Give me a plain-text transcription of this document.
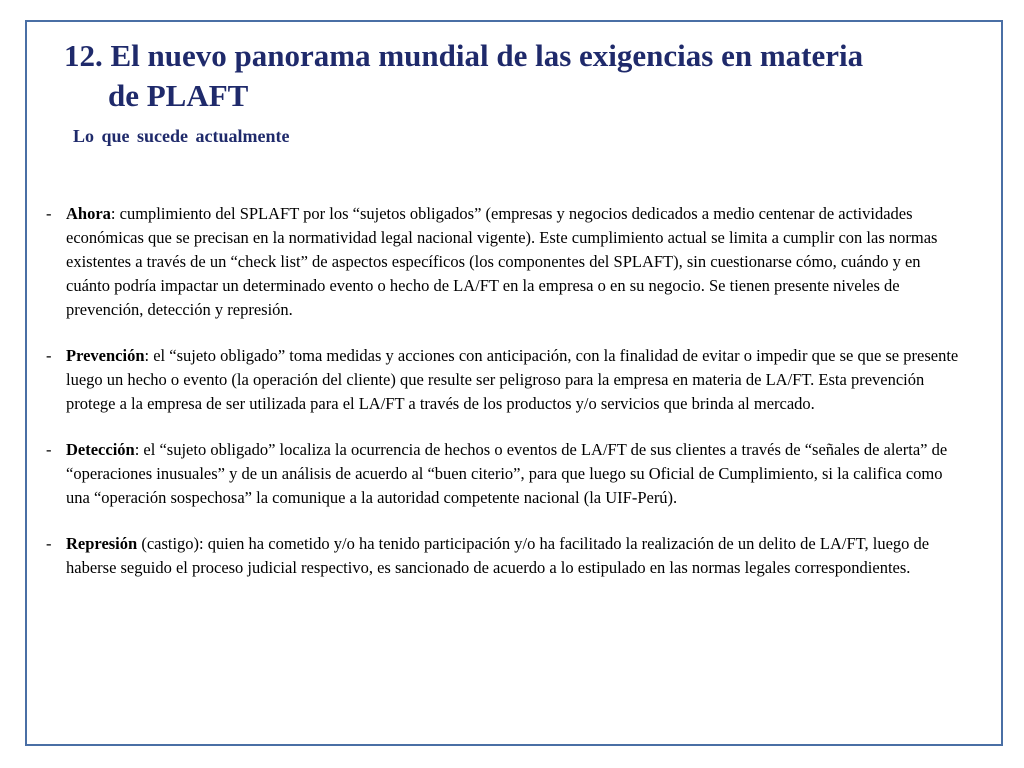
12. El nuevo panorama mundial de las exigencias en materia
de PLAFT
Lo que sucede actualmente
- Ahora: cumplimiento del SPLAFT por los “sujetos obligados” (empresas y negocios dedicados a medio centenar de actividades económicas que se precisan en la normatividad legal nacional vigente). Este cumplimiento actual se limita a cumplir con las normas existentes a través de un “check list” de aspectos específicos (los componentes del SPLAFT), sin cuestionarse cómo, cuándo y en cuánto podría impactar un determinado evento o hecho de LA/FT en la empresa o en su negocio. Se tienen presente niveles de prevención, detección y represión.
- Prevención: el “sujeto obligado” toma medidas y acciones con anticipación, con la finalidad de evitar o impedir que se que se presente luego un hecho o evento (la operación del cliente) que resulte ser peligroso para la empresa en materia de LA/FT. Esta prevención protege a la empresa de ser utilizada para el LA/FT a través de los productos y/o servicios que brinda al mercado.
- Detección: el “sujeto obligado” localiza la ocurrencia de hechos o eventos de LA/FT de sus clientes a través de “señales de alerta” de “operaciones inusuales” y de un análisis de acuerdo al “buen citerio”, para que luego su Oficial de Cumplimiento, si la califica como una “operación sospechosa” la comunique a la autoridad competente nacional (la UIF-Perú).
- Represión (castigo): quien ha cometido y/o ha tenido participación y/o ha facilitado la realización de un delito de LA/FT, luego de haberse seguido el proceso judicial respectivo, es sancionado de acuerdo a lo estipulado en las normas legales correspondientes.
